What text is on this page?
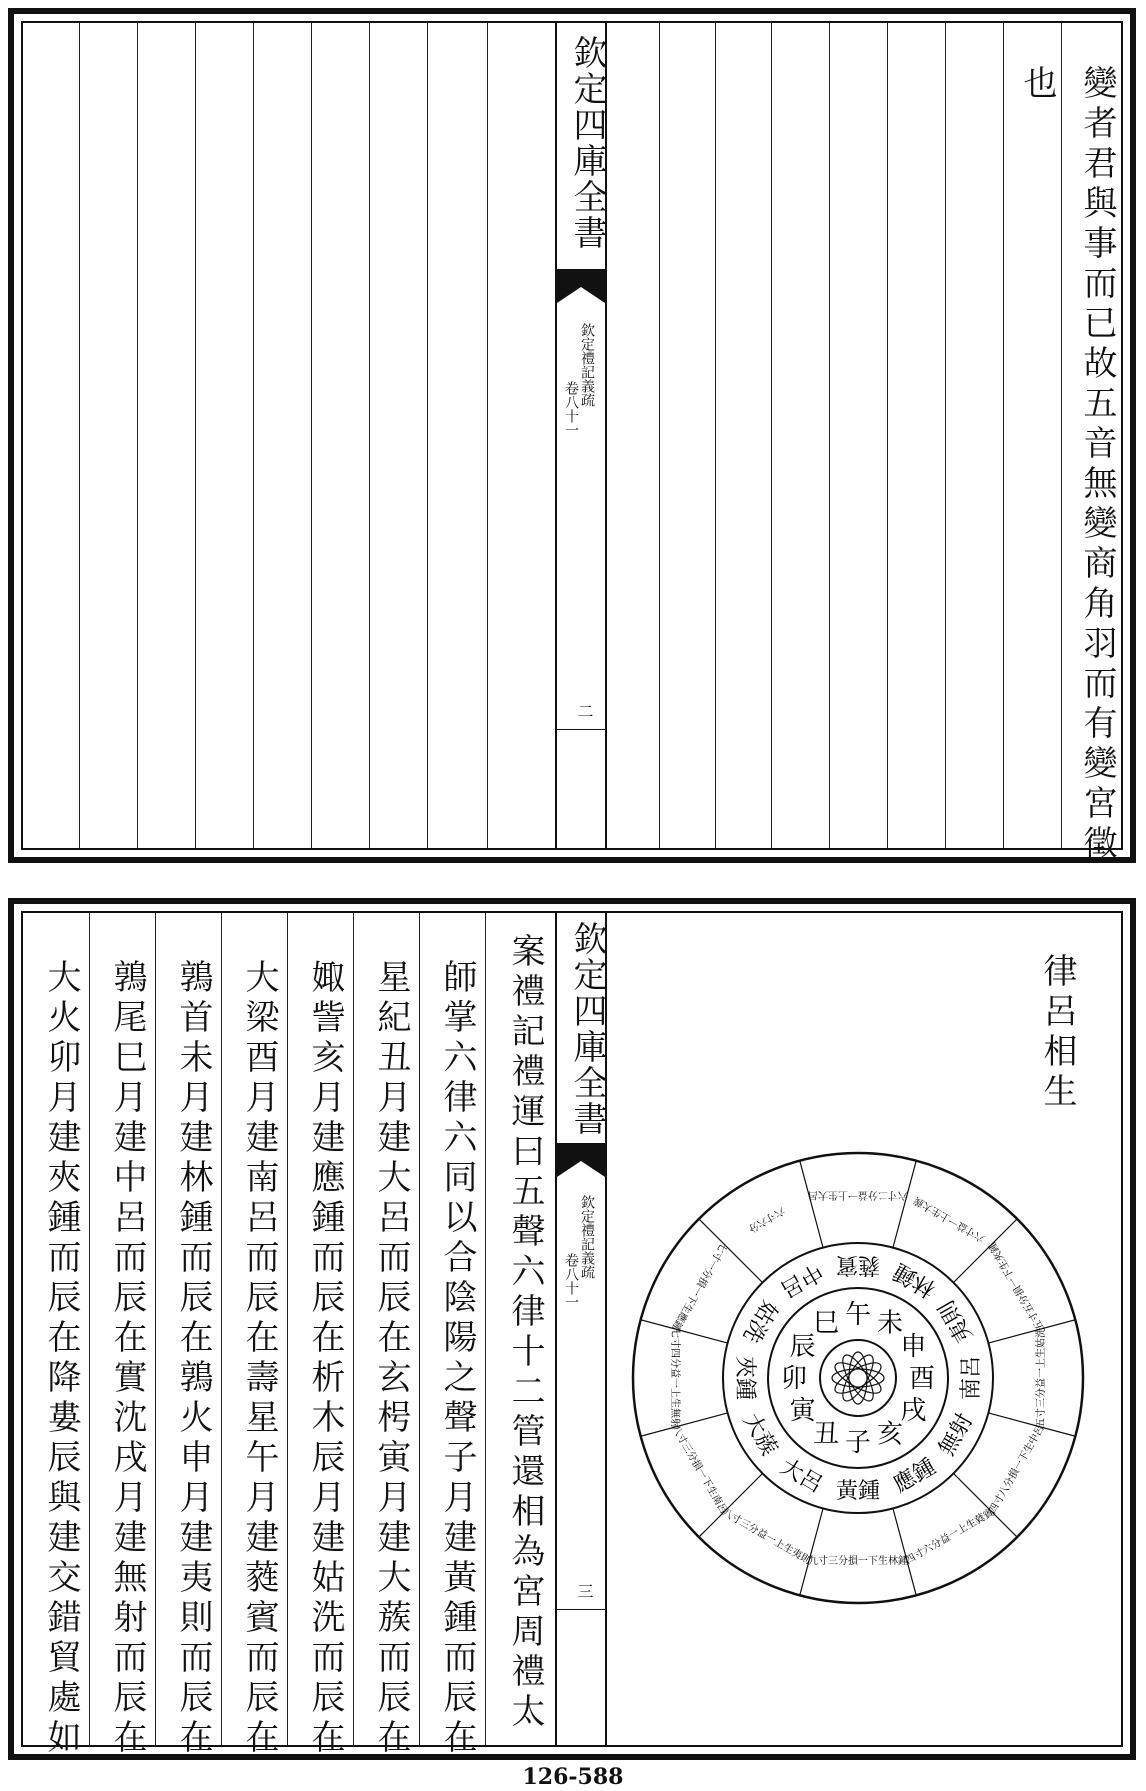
欽定四庫全書
欽定禮記義疏
卷八十一
二
也 變者君與事而已故五音無變商角羽而有變宮徵
大火卯月建夾鍾而辰在降婁辰與建交錯貿處如 鶉尾巳月建中呂而辰在實沈戌月建無射而辰在 鶉首未月建林鍾而辰在鶉火申月建夷則而辰在 大梁酉月建南呂而辰在壽星午月建蕤賓而辰在 娵訾亥月建應鍾而辰在析木辰月建姑洗而辰在 星紀丑月建大呂而辰在玄枵寅月建大蔟而辰在 師掌六律六同以合陰陽之聲子月建黃鍾而辰在 案禮記禮運曰五聲六律十二管還相為宮周禮太 欽定四庫全書
欽定禮記義疏
卷八十一
三
律呂相生
子
丑
寅
卯
辰
巳 午 未
申
酉
戌
亥
黃鍾
大呂
大蔟
夾鍾
姑洗
中呂 蕤賓 林鍾
夷則
南呂
無射
應鍾
九寸三分損一下生林鍾
八寸三分益一上生夷則
八寸三分損一下生南呂
七寸四分益一上生無射
七寸一分損一下生應鍾
六寸六分
六寸二分益一上生大呂 六寸益一上生大蔟
五寸五分損一下生夾鍾
五寸三分益一上生姑洗
四寸八分損一下生中呂
四寸六分益一上生蕤賓
126-588
